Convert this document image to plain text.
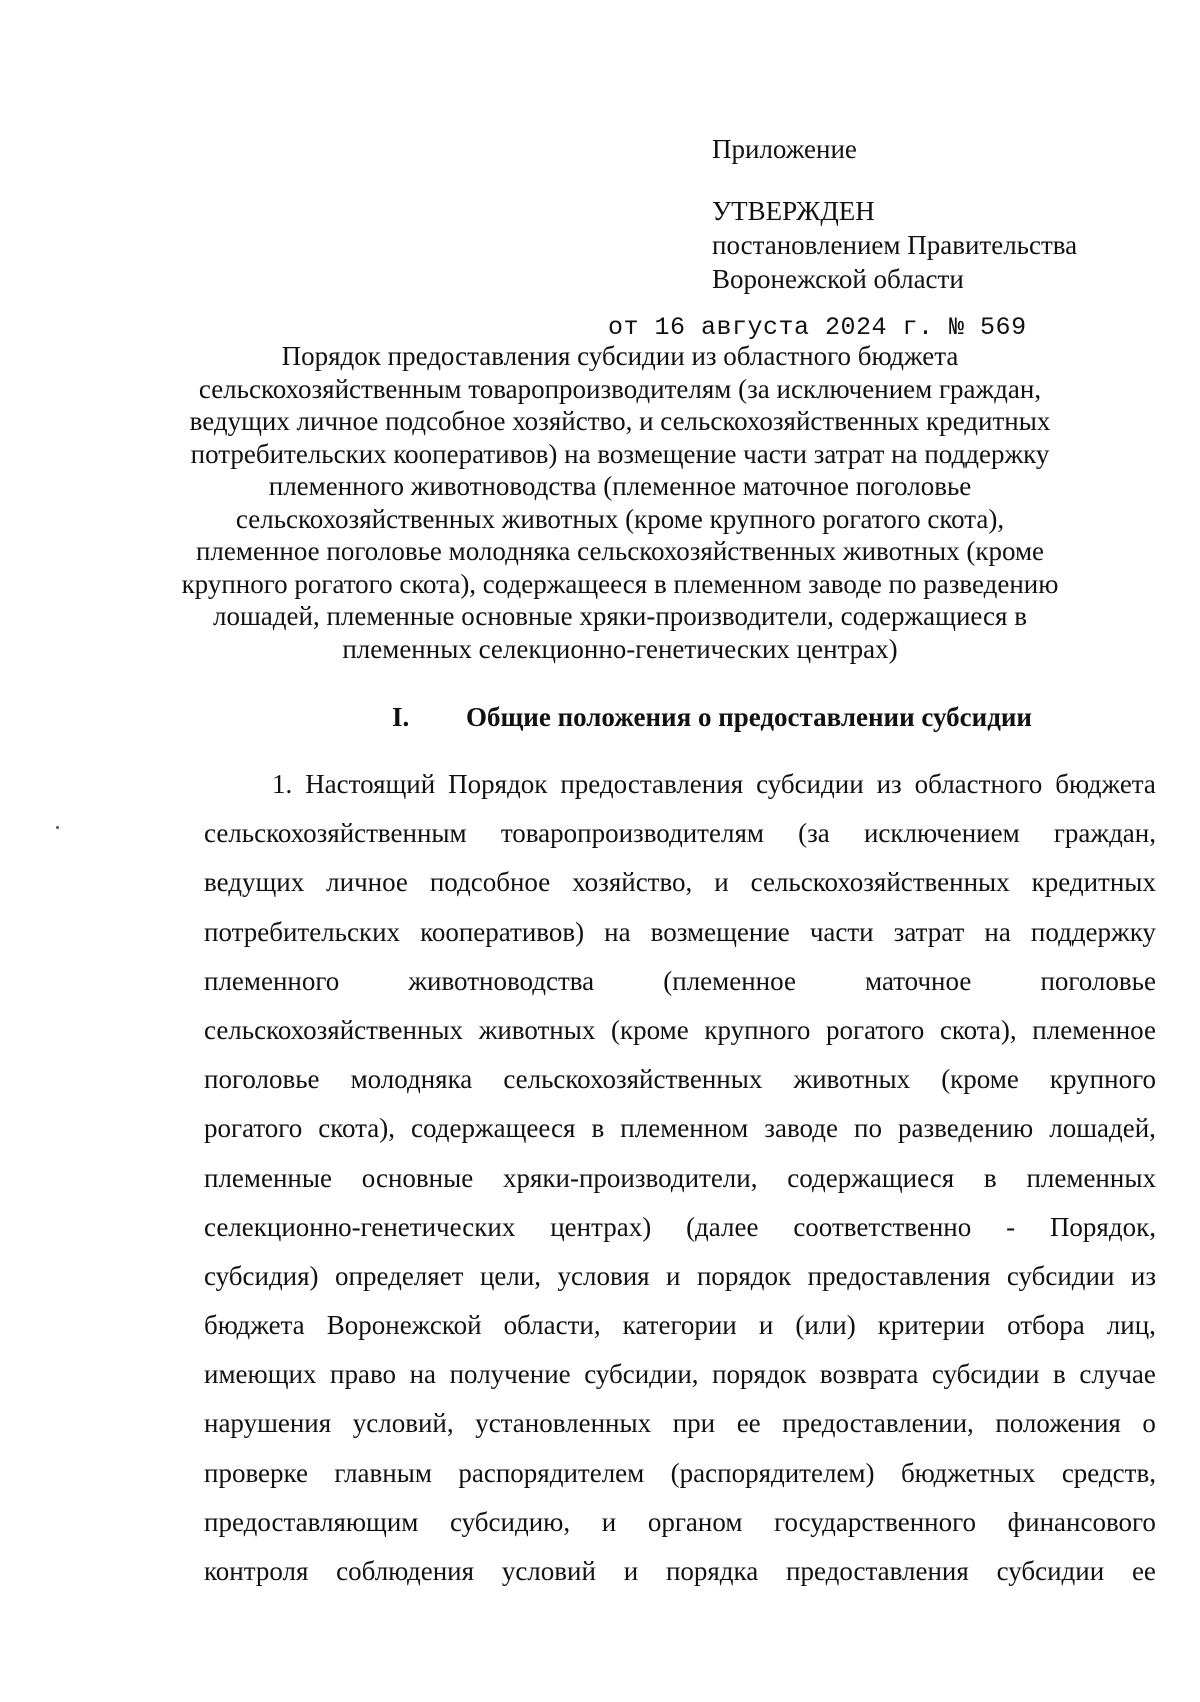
Приложение
УТВЕРЖДЕН
постановлением Правительства
Воронежской области
от 16 августа 2024 г. № 569
Порядок предоставления субсидии из областного бюджета
сельскохозяйственным товаропроизводителям (за исключением граждан,
ведущих личное подсобное хозяйство, и сельскохозяйственных кредитных
потребительских кооперативов) на возмещение части затрат на поддержку
племенного животноводства (племенное маточное поголовье
сельскохозяйственных животных (кроме крупного рогатого скота),
племенное поголовье молодняка сельскохозяйственных животных (кроме
крупного рогатого скота), содержащееся в племенном заводе по разведению
лошадей, племенные основные хряки-производители, содержащиеся в
племенных селекционно-генетических центрах)
I. Общие положения о предоставлении субсидии
1. Настоящий Порядок предоставления субсидии из областного бюджета
сельскохозяйственным товаропроизводителям (за исключением граждан,
ведущих личное подсобное хозяйство, и сельскохозяйственных кредитных
потребительских кооперативов) на возмещение части затрат на поддержку
племенного	животноводства	(племенное	маточное	поголовье
сельскохозяйственных животных (кроме крупного рогатого скота), племенное
поголовье молодняка сельскохозяйственных животных (кроме крупного
рогатого скота), содержащееся в племенном заводе по разведению лошадей,
племенные основные хряки-производители, содержащиеся в племенных
селекционно-генетических центрах) (далее соответственно - Порядок,
субсидия) определяет цели, условия и порядок предоставления субсидии из
бюджета Воронежской области, категории и (или) критерии отбора лиц,
имеющих право на получение субсидии, порядок возврата субсидии в случае
нарушения условий, установленных при ее предоставлении, положения о
проверке главным распорядителем (распорядителем) бюджетных средств,
предоставляющим субсидию, и органом государственного финансового
контроля соблюдения условий и порядка предоставления субсидии ее
